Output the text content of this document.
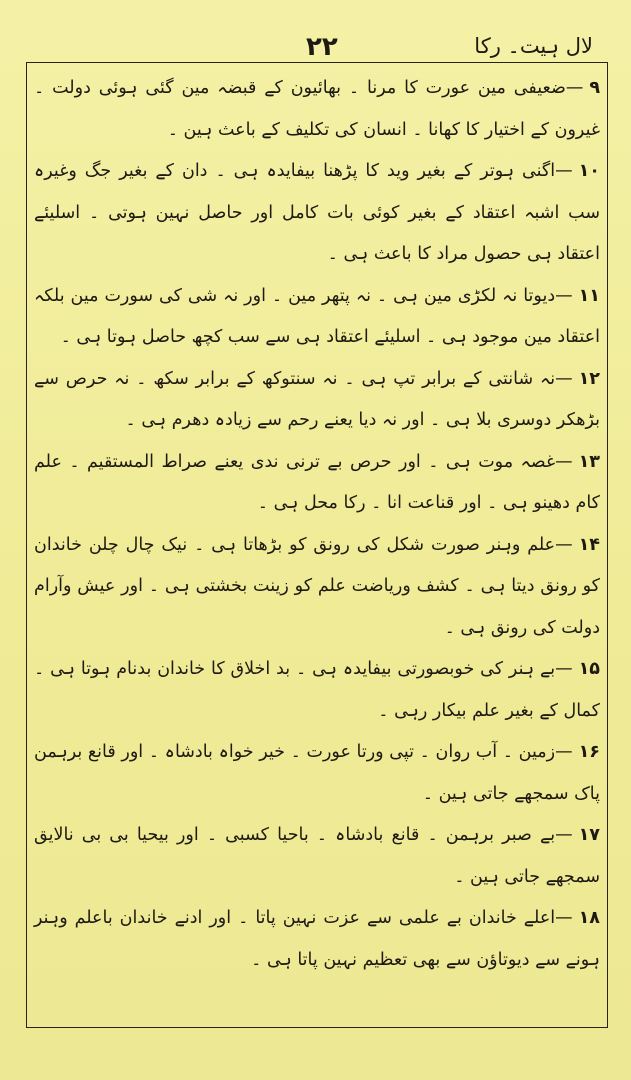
۲۲	لال ہیت۔ رکا
۹—ضعیفی مین عورت کا مرنا ۔ بھائیون کے قبضہ مین گئی ہوئی دولت ۔ غیرون کے اختیار کا کھانا ۔ انسان کی تکلیف کے باعث ہین ۔
۱۰—اگنی ہوتر کے بغیر وید کا پڑھنا بیفایدہ ہی ۔ دان کے بغیر جگ وغیرہ سب اشبہ اعتقاد کے بغیر کوئی بات کامل اور حاصل نہین ہوتی ۔ اسلیئے اعتقاد ہی حصول مراد کا باعث ہی ۔
۱۱—دیوتا نہ لکڑی مین ہی ۔ نہ پتھر مین ۔ اور نہ شی کی سورت مین بلکہ اعتقاد مین موجود ہی ۔ اسلیئے اعتقاد ہی سے سب کچھ حاصل ہوتا ہی ۔
۱۲—نہ شانتی کے برابر تپ ہی ۔ نہ سنتوکھ کے برابر سکھ ۔ نہ حرص سے بڑھکر دوسری بلا ہی ۔ اور نہ دیا یعنے رحم سے زیادہ دھرم ہی ۔
۱۳—غصہ موت ہی ۔ اور حرص بے ترنی ندی یعنے صراط المستقیم ۔ علم کام دھینو ہی ۔ اور قناعت انا ۔ رکا محل ہی ۔
۱۴—علم وہنر صورت شکل کی رونق کو بڑھاتا ہی ۔ نیک چال چلن خاندان کو رونق دیتا ہی ۔ کشف وریاضت علم کو زینت بخشتی ہی ۔ اور عیش وآرام دولت کی رونق ہی ۔
۱۵—بے ہنر کی خوبصورتی بیفایدہ ہی ۔ بد اخلاق کا خاندان بدنام ہوتا ہی ۔ کمال کے بغیر علم بیکار رہی ۔
۱۶—زمین ۔ آب روان ۔ تپی ورتا عورت ۔ خیر خواہ بادشاہ ۔ اور قانع برہمن پاک سمجھے جاتی ہین ۔
۱۷—بے صبر برہمن ۔ قانع بادشاہ ۔ باحیا کسبی ۔ اور بیحیا بی بی نالایق سمجھے جاتی ہین ۔
۱۸—اعلے خاندان بے علمی سے عزت نہین پاتا ۔ اور ادنے خاندان باعلم وہنر ہونے سے دیوتاؤن سے بھی تعظیم نہین پاتا ہی ۔
